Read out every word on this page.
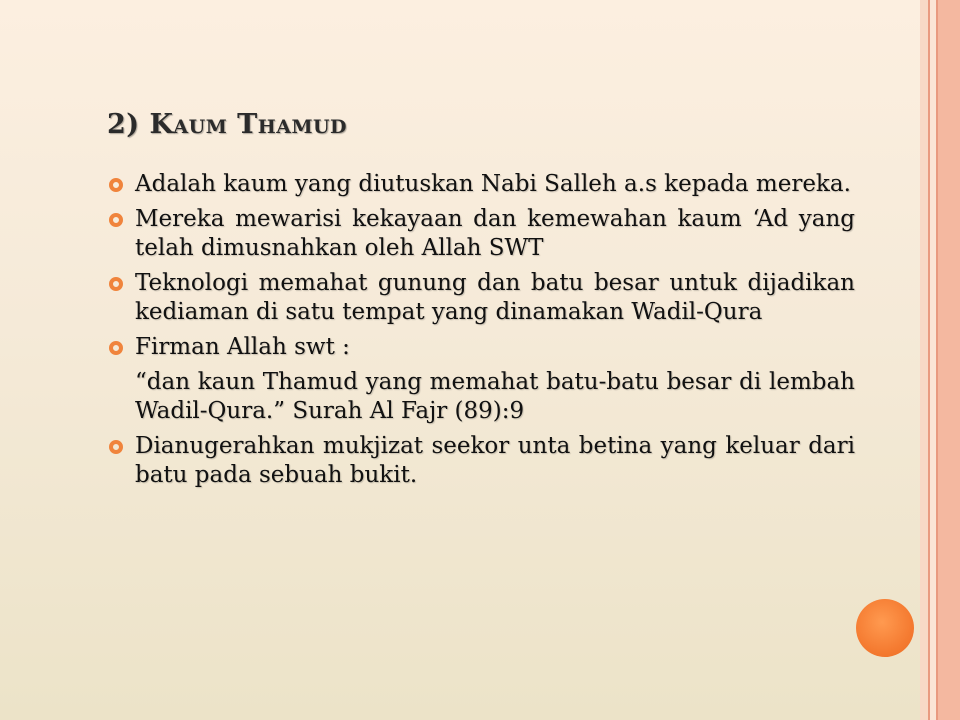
2) Kaum Thamud
Adalah kaum yang diutuskan Nabi Salleh a.s kepada mereka.
Mereka mewarisi kekayaan dan kemewahan kaum ‘Ad yang telah dimusnahkan oleh Allah SWT
Teknologi memahat gunung dan batu besar untuk dijadikan kediaman di satu tempat yang dinamakan Wadil-Qura
Firman Allah swt :
“dan kaun Thamud yang memahat batu-batu besar di lembah Wadil-Qura.” Surah Al Fajr (89):9
Dianugerahkan mukjizat seekor unta betina yang keluar dari batu pada sebuah bukit.
